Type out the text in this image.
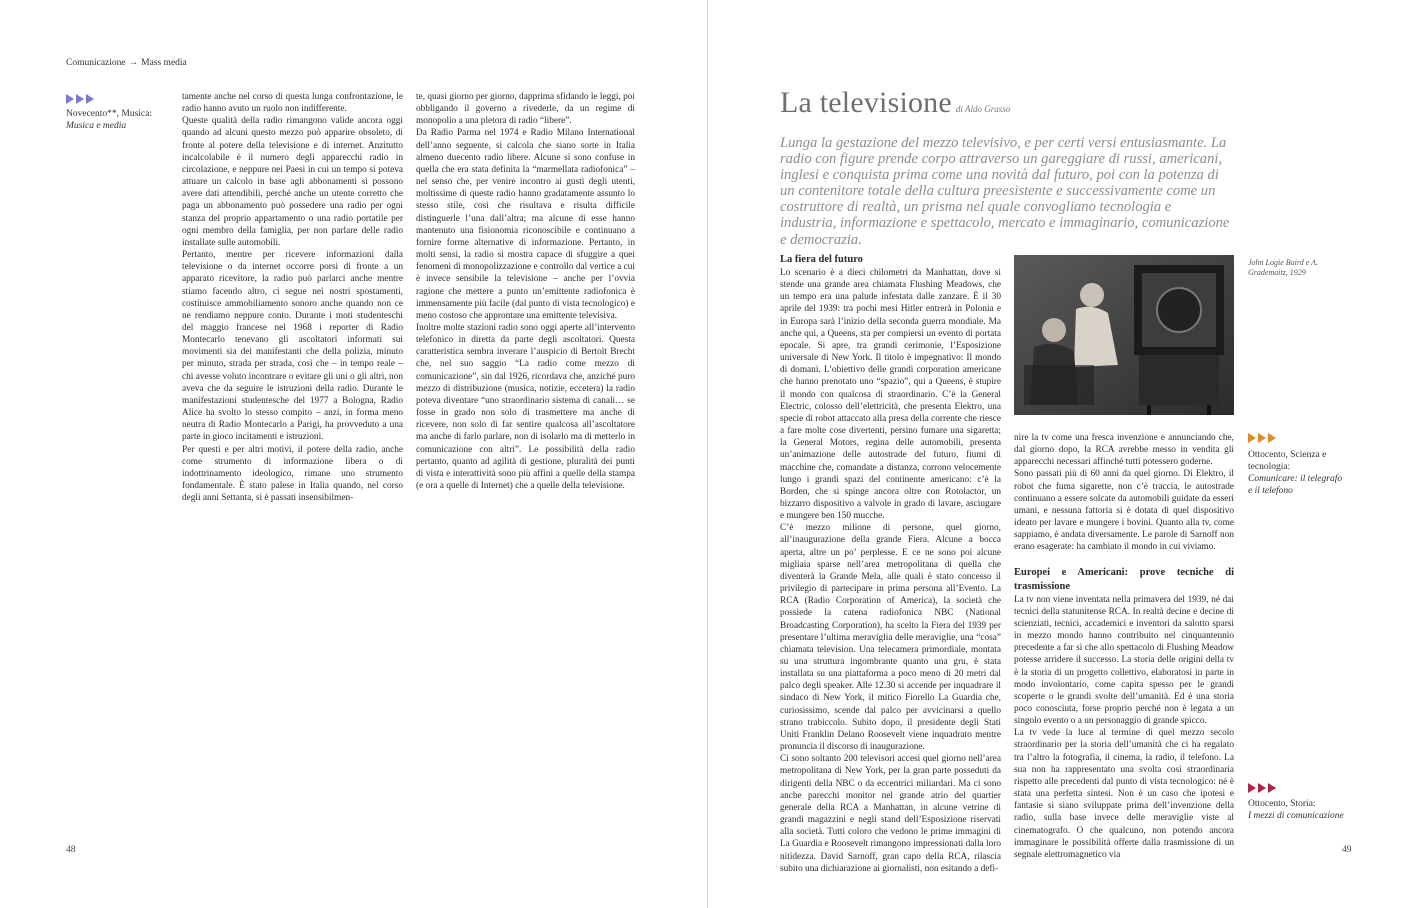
Comunicazione → Mass media
Novecento**, Musica:
Musica e media

tamente anche nel corso di questa lunga confrontazione, le radio hanno avuto un ruolo non indifferente.

Queste qualità della radio rimangono valide ancora oggi quando ad alcuni questo mezzo può apparire obsoleto, di fronte al potere della televisione e di internet. Anzitutto incalcolabile è il numero degli apparecchi radio in circolazione, e neppure nei Paesi in cui un tempo si poteva attuare un calcolo in base agli abbonamenti si possono avere dati attendibili, perché anche un utente corretto che paga un abbonamento può possedere una radio per ogni stanza del proprio appartamento o una radio portatile per ogni membro della famiglia, per non parlare delle radio installate sulle automobili.

Pertanto, mentre per ricevere informazioni dalla televisione o da internet occorre porsi di fronte a un apparato ricevitore, la radio può parlarci anche mentre stiamo facendo altro, ci segue nei nostri spostamenti, costituisce ammobiliamento sonoro anche quando non ce ne rendiamo neppure conto. Durante i moti studenteschi del maggio francese nel 1968 i reporter di Radio Montecarlo tenevano gli ascoltatori informati sui movimenti sia dei manifestanti che della polizia, minuto per minuto, strada per strada, così che – in tempo reale – chi avesse voluto incontrare o evitare gli uni o gli altri, non aveva che da seguire le istruzioni della radio. Durante le manifestazioni studentesche del 1977 a Bologna, Radio Alice ha svolto lo stesso compito – anzi, in forma meno neutra di Radio Montecarlo a Parigi, ha provveduto a una parte in gioco incitamenti e istruzioni.

Per questi e per altri motivi, il potere della radio, anche come strumento di informazione libera o di indottrinamento ideologico, rimane uno strumento fondamentale. È stato palese in Italia quando, nel corso degli anni Settanta, si è passati insensibilmen-

te, quasi giorno per giorno, dapprima sfidando le leggi, poi obbligando il governo a rivederle, da un regime di monopolio a una pletora di radio “libere”.

Da Radio Parma nel 1974 e Radio Milano International dell’anno seguente, si calcola che siano sorte in Italia almeno duecento radio libere. Alcune si sono confuse in quella che era stata definita la “marmellata radiofonica” – nel senso che, per venire incontro ai gusti degli utenti, moltissime di queste radio hanno gradatamente assunto lo stesso stile, così che risultava e risulta difficile distinguerle l’una dall’altra; ma alcune di esse hanno mantenuto una fisionomia riconoscibile e continuano a fornire forme alternative di informazione. Pertanto, in molti sensi, la radio si mostra capace di sfuggire a quei fenomeni di monopolizzazione e controllo dal vertice a cui è invece sensibile la televisione – anche per l’ovvia ragione che mettere a punto un’emittente radiofonica è immensamente più facile (dal punto di vista tecnologico) e meno costoso che approntare una emittente televisiva.

Inoltre molte stazioni radio sono oggi aperte all’intervento telefonico in diretta da parte degli ascoltatori. Questa caratteristica sembra inverare l’auspicio di Bertolt Brecht che, nel suo saggio “La radio come mezzo di comunicazione”, sin dal 1926, ricordava che, anziché puro mezzo di distribuzione (musica, notizie, eccetera) la radio poteva diventare “uno straordinario sistema di canali… se fosse in grado non solo di trasmettere ma anche di ricevere, non solo di far sentire qualcosa all’ascoltatore ma anche di farlo parlare, non di isolarlo ma di metterlo in comunicazione con altri”. Le possibilità della radio pertanto, quanto ad agilità di gestione, pluralità dei punti di vista e interattività sono più affini a quelle della stampa (e ora a quelle di Internet) che a quelle della televisione.

48
La televisione di Aldo Grasso
Lunga la gestazione del mezzo televisivo, e per certi versi entusiasmante. La radio con figure prende corpo attraverso un gareggiare di russi, americani, inglesi e conquista prima come una novità dal futuro, poi con la potenza di un contenitore totale della cultura preesistente e successivamente come un costruttore di realtà, un prisma nel quale convogliano tecnologia e industria, informazione e spettacolo, mercato e immaginario, comunicazione e democrazia.
La fiera del futuro

Lo scenario è a dieci chilometri da Manhattan, dove si stende una grande area chiamata Flushing Meadows, che un tempo era una palude infestata dalle zanzare. È il 30 aprile del 1939: tra pochi mesi Hitler entrerà in Polonia e in Europa sarà l’inizio della seconda guerra mondiale. Ma anche qui, a Queens, sta per compiersi un evento di portata epocale. Si apre, tra grandi cerimonie, l’Esposizione universale di New York. Il titolo è impegnativo: Il mondo di domani. L’obiettivo delle grandi corporation americane che hanno prenotato uno “spazio”, qui a Queens, è stupire il mondo con qualcosa di straordinario. C’è la General Electric, colosso dell’elettricità, che presenta Elektro, una specie di robot attaccato alla presa della corrente che riesce a fare molte cose divertenti, persino fumare una sigaretta; la General Motors, regina delle automobili, presenta un’animazione delle autostrade del futuro, fiumi di macchine che, comandate a distanza, corrono velocemente lungo i grandi spazi del continente americano: c’è la Borden, che si spinge ancora oltre con Rotolactor, un bizzarro dispositivo a valvole in grado di lavare, asciugare e mungere ben 150 mucche.

C’è mezzo milione di persone, quel giorno, all’inaugurazione della grande Fiera. Alcune a bocca aperta, altre un po’ perplesse. E ce ne sono poi alcune migliaia sparse nell’area metropolitana di quella che diventerà la Grande Mela, alle quali è stato concesso il privilegio di partecipare in prima persona all’Evento. La RCA (Radio Corporation of America), la società che possiede la catena radiofonica NBC (National Broadcasting Corporation), ha scelto la Fiera del 1939 per presentare l’ultima meraviglia delle meraviglie, una “cosa” chiamata television. Una telecamera primordiale, montata su una struttura ingombrante quanto una gru, è stata installata su una piattaforma a poco meno di 20 metri dal palco degli speaker. Alle 12.30 si accende per inquadrare il sindaco di New York, il mitico Fiorello La Guardia che, curiosissimo, scende dal palco per avvicinarsi a quello strano trabiccolo. Subito dopo, il presidente degli Stati Uniti Franklin Delano Roosevelt viene inquadrato mentre pronuncia il discorso di inaugurazione.

Ci sono soltanto 200 televisori accesi quel giorno nell’area metropolitana di New York, per la gran parte posseduti da dirigenti della NBC o da eccentrici miliardari. Ma ci sono anche parecchi monitor nel grande atrio del quartier generale della RCA a Manhattan, in alcune vetrine di grandi magazzini e negli stand dell’Esposizione riservati alla società. Tutti coloro che vedono le prime immagini di La Guardia e Roosevelt rimangono impressionati dalla loro nitidezza. David Sarnoff, gran capo della RCA, rilascia subito una dichiarazione ai giornalisti, non esitando a defi-

John Logie Baird e A. Grademaitz, 1929
Ottocento, Scienza e tecnologia:
Comunicare: il telegrafo e il telefono

nire la tv come una fresca invenzione e annunciando che, dal giorno dopo, la RCA avrebbe messo in vendita gli apparecchi necessari affinché tutti potessero goderne.

Sono passati più di 60 anni da quel giorno. Di Elektro, il robot che fuma sigarette, non c’è traccia, le autostrade continuano a essere solcate da automobili guidate da esseri umani, e nessuna fattoria si è dotata di quel dispositivo ideato per lavare e mungere i bovini. Quanto alla tv, come sappiamo, è andata diversamente. Le parole di Sarnoff non erano esagerate: ha cambiato il mondo in cui viviamo.

Europei e Americani: prove tecniche di trasmissione

La tv non viene inventata nella primavera del 1939, né dai tecnici della statunitense RCA. In realtà decine e decine di scienziati, tecnici, accademici e inventori da salotto sparsi in mezzo mondo hanno contribuito nel cinquantennio precedente a far sì che allo spettacolo di Flushing Meadow potesse arridere il successo. La storia delle origini della tv è la storia di un progetto collettivo, elaboratosi in parte in modo involontario, come capita spesso per le grandi scoperte o le grandi svolte dell’umanità. Ed è una storia poco conosciuta, forse proprio perché non è legata a un singolo evento o a un personaggio di grande spicco.

La tv vede la luce al termine di quel mezzo secolo straordinario per la storia dell’umanità che ci ha regalato tra l’altro la fotografia, il cinema, la radio, il telefono. La sua non ha rappresentato una svolta così straordinaria rispetto alle precedenti dal punto di vista tecnologico: né è stata una perfetta sintesi. Non è un caso che ipotesi e fantasie si siano sviluppate prima dell’invenzione della radio, sulla base invece delle meraviglie viste al cinematografo. O che qualcuno, non potendo ancora immaginare le possibilità offerte dalla trasmissione di un segnale elettromagnetico via

Ottocento, Storia:
I mezzi di comunicazione
49
